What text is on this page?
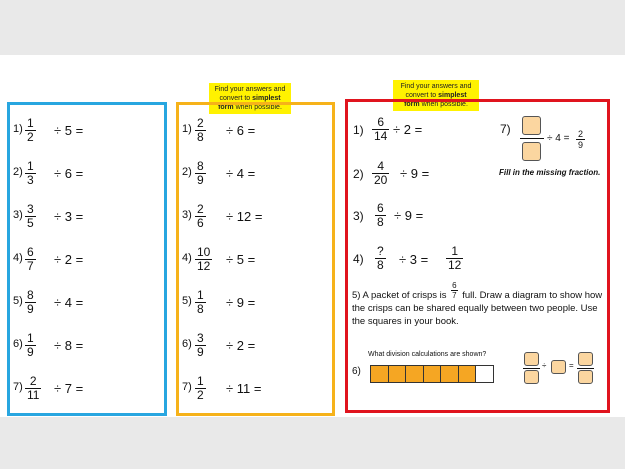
Find your answers and
convert to simplest
form when possible.
Find your answers and
convert to simplest
form when possible.
$1) \frac{1}{2} \div 5$ =
$2) \frac{1}{3} \div 6$ =
$3) \frac{3}{5} \div 3$ =
$4) \frac{6}{7} \div 2$ =
$5) \frac{8}{9} \div 4$ =
$6) \frac{1}{9} \div 8$ =
$7) \frac{2}{11} \div 7$ =
$1) \frac{2}{8} \div 6$ =
$2) \frac{8}{9} \div 4$ =
$3) \frac{2}{6} \div 12$ =
$4) \frac{10}{12} \div 5$ =
$5) \frac{1}{8} \div 9$ =
$6) \frac{3}{9} \div 2$ =
$7) \frac{1}{2} \div 11$ =
$1) \frac{6}{14} \div 2$ =
$2) \frac{4}{20} \div 9$ =
$3) \frac{6}{8} \div 9$ =
4)
?
$8 \div 3 = \frac{1}{12}$
7)
÷ $4 = \frac{2}{9}$
Fill in the missing fraction.
5) A packet of crisps is $\frac{6}{7}$ full. Draw a diagram to show how the crisps can be shared equally between two people. Use the squares in your book.
What division calculations are shown?
6)
÷	=
